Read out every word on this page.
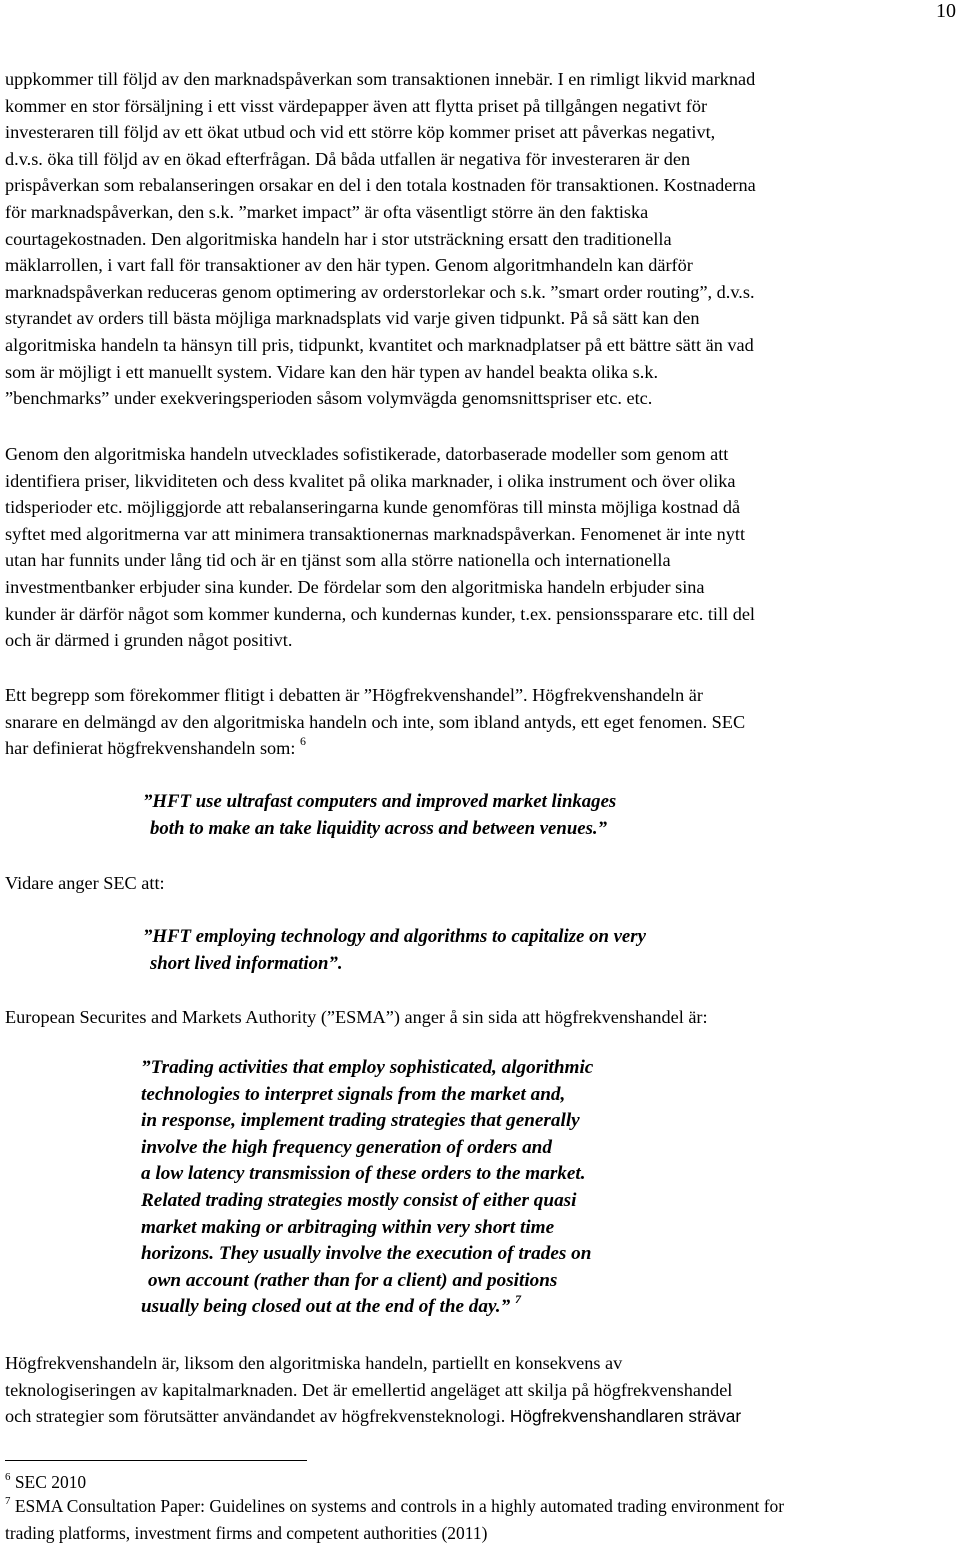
10
uppkommer till följd av den marknadspåverkan som transaktionen innebär. I en rimligt likvid marknad
kommer en stor försäljning i ett visst värdepapper även att flytta priset på tillgången negativt för
investeraren till följd av ett ökat utbud och vid ett större köp kommer priset att påverkas negativt,
d.v.s. öka till följd av en ökad efterfrågan. Då båda utfallen är negativa för investeraren är den
prispåverkan som rebalanseringen orsakar en del i den totala kostnaden för transaktionen. Kostnaderna
för marknadspåverkan, den s.k. ”market impact” är ofta väsentligt större än den faktiska
courtagekostnaden. Den algoritmiska handeln har i stor utsträckning ersatt den traditionella
mäklarrollen, i vart fall för transaktioner av den här typen. Genom algoritmhandeln kan därför
marknadspåverkan reduceras genom optimering av orderstorlekar och s.k. ”smart order routing”, d.v.s.
styrandet av orders till bästa möjliga marknadsplats vid varje given tidpunkt. På så sätt kan den
algoritmiska handeln ta hänsyn till pris, tidpunkt, kvantitet och marknadplatser på ett bättre sätt än vad
som är möjligt i ett manuellt system. Vidare kan den här typen av handel beakta olika s.k.
”benchmarks” under exekveringsperioden såsom volymvägda genomsnittspriser etc. etc.
Genom den algoritmiska handeln utvecklades sofistikerade, datorbaserade modeller som genom att
identifiera priser, likviditeten och dess kvalitet på olika marknader, i olika instrument och över olika
tidsperioder etc. möjliggjorde att rebalanseringarna kunde genomföras till minsta möjliga kostnad då
syftet med algoritmerna var att minimera transaktionernas marknadspåverkan. Fenomenet är inte nytt
utan har funnits under lång tid och är en tjänst som alla större nationella och internationella
investmentbanker erbjuder sina kunder. De fördelar som den algoritmiska handeln erbjuder sina
kunder är därför något som kommer kunderna, och kundernas kunder, t.ex. pensionssparare etc. till del
och är därmed i grunden något positivt.
Ett begrepp som förekommer flitigt i debatten är ”Högfrekvenshandel”. Högfrekvenshandeln är
snarare en delmängd av den algoritmiska handeln och inte, som ibland antyds, ett eget fenomen. SEC
har definierat högfrekvenshandeln som: $^6$
”HFT use ultrafast computers and improved market linkages
both to make an take liquidity across and between venues.”
Vidare anger SEC att:
”HFT employing technology and algorithms to capitalize on very
short lived information”.
European Securites and Markets Authority (”ESMA”) anger å sin sida att högfrekvenshandel är:
”Trading activities that employ sophisticated, algorithmic
technologies to interpret signals from the market and,
in response, implement trading strategies that generally
involve the high frequency generation of orders and
a low latency transmission of these orders to the market.
Related trading strategies mostly consist of either quasi
market making or arbitraging within very short time
horizons. They usually involve the execution of trades on
own account (rather than for a client) and positions
usually being closed out at the end of the day.” $^7$
Högfrekvenshandeln är, liksom den algoritmiska handeln, partiellt en konsekvens av
teknologiseringen av kapitalmarknaden. Det är emellertid angeläget att skilja på högfrekvenshandel
och strategier som förutsätter användandet av högfrekvensteknologi. Högfrekvenshandlaren strävar
$^6$ SEC 2010
$^7$ ESMA Consultation Paper: Guidelines on systems and controls in a highly automated trading environment for
trading platforms, investment firms and competent authorities (2011)
